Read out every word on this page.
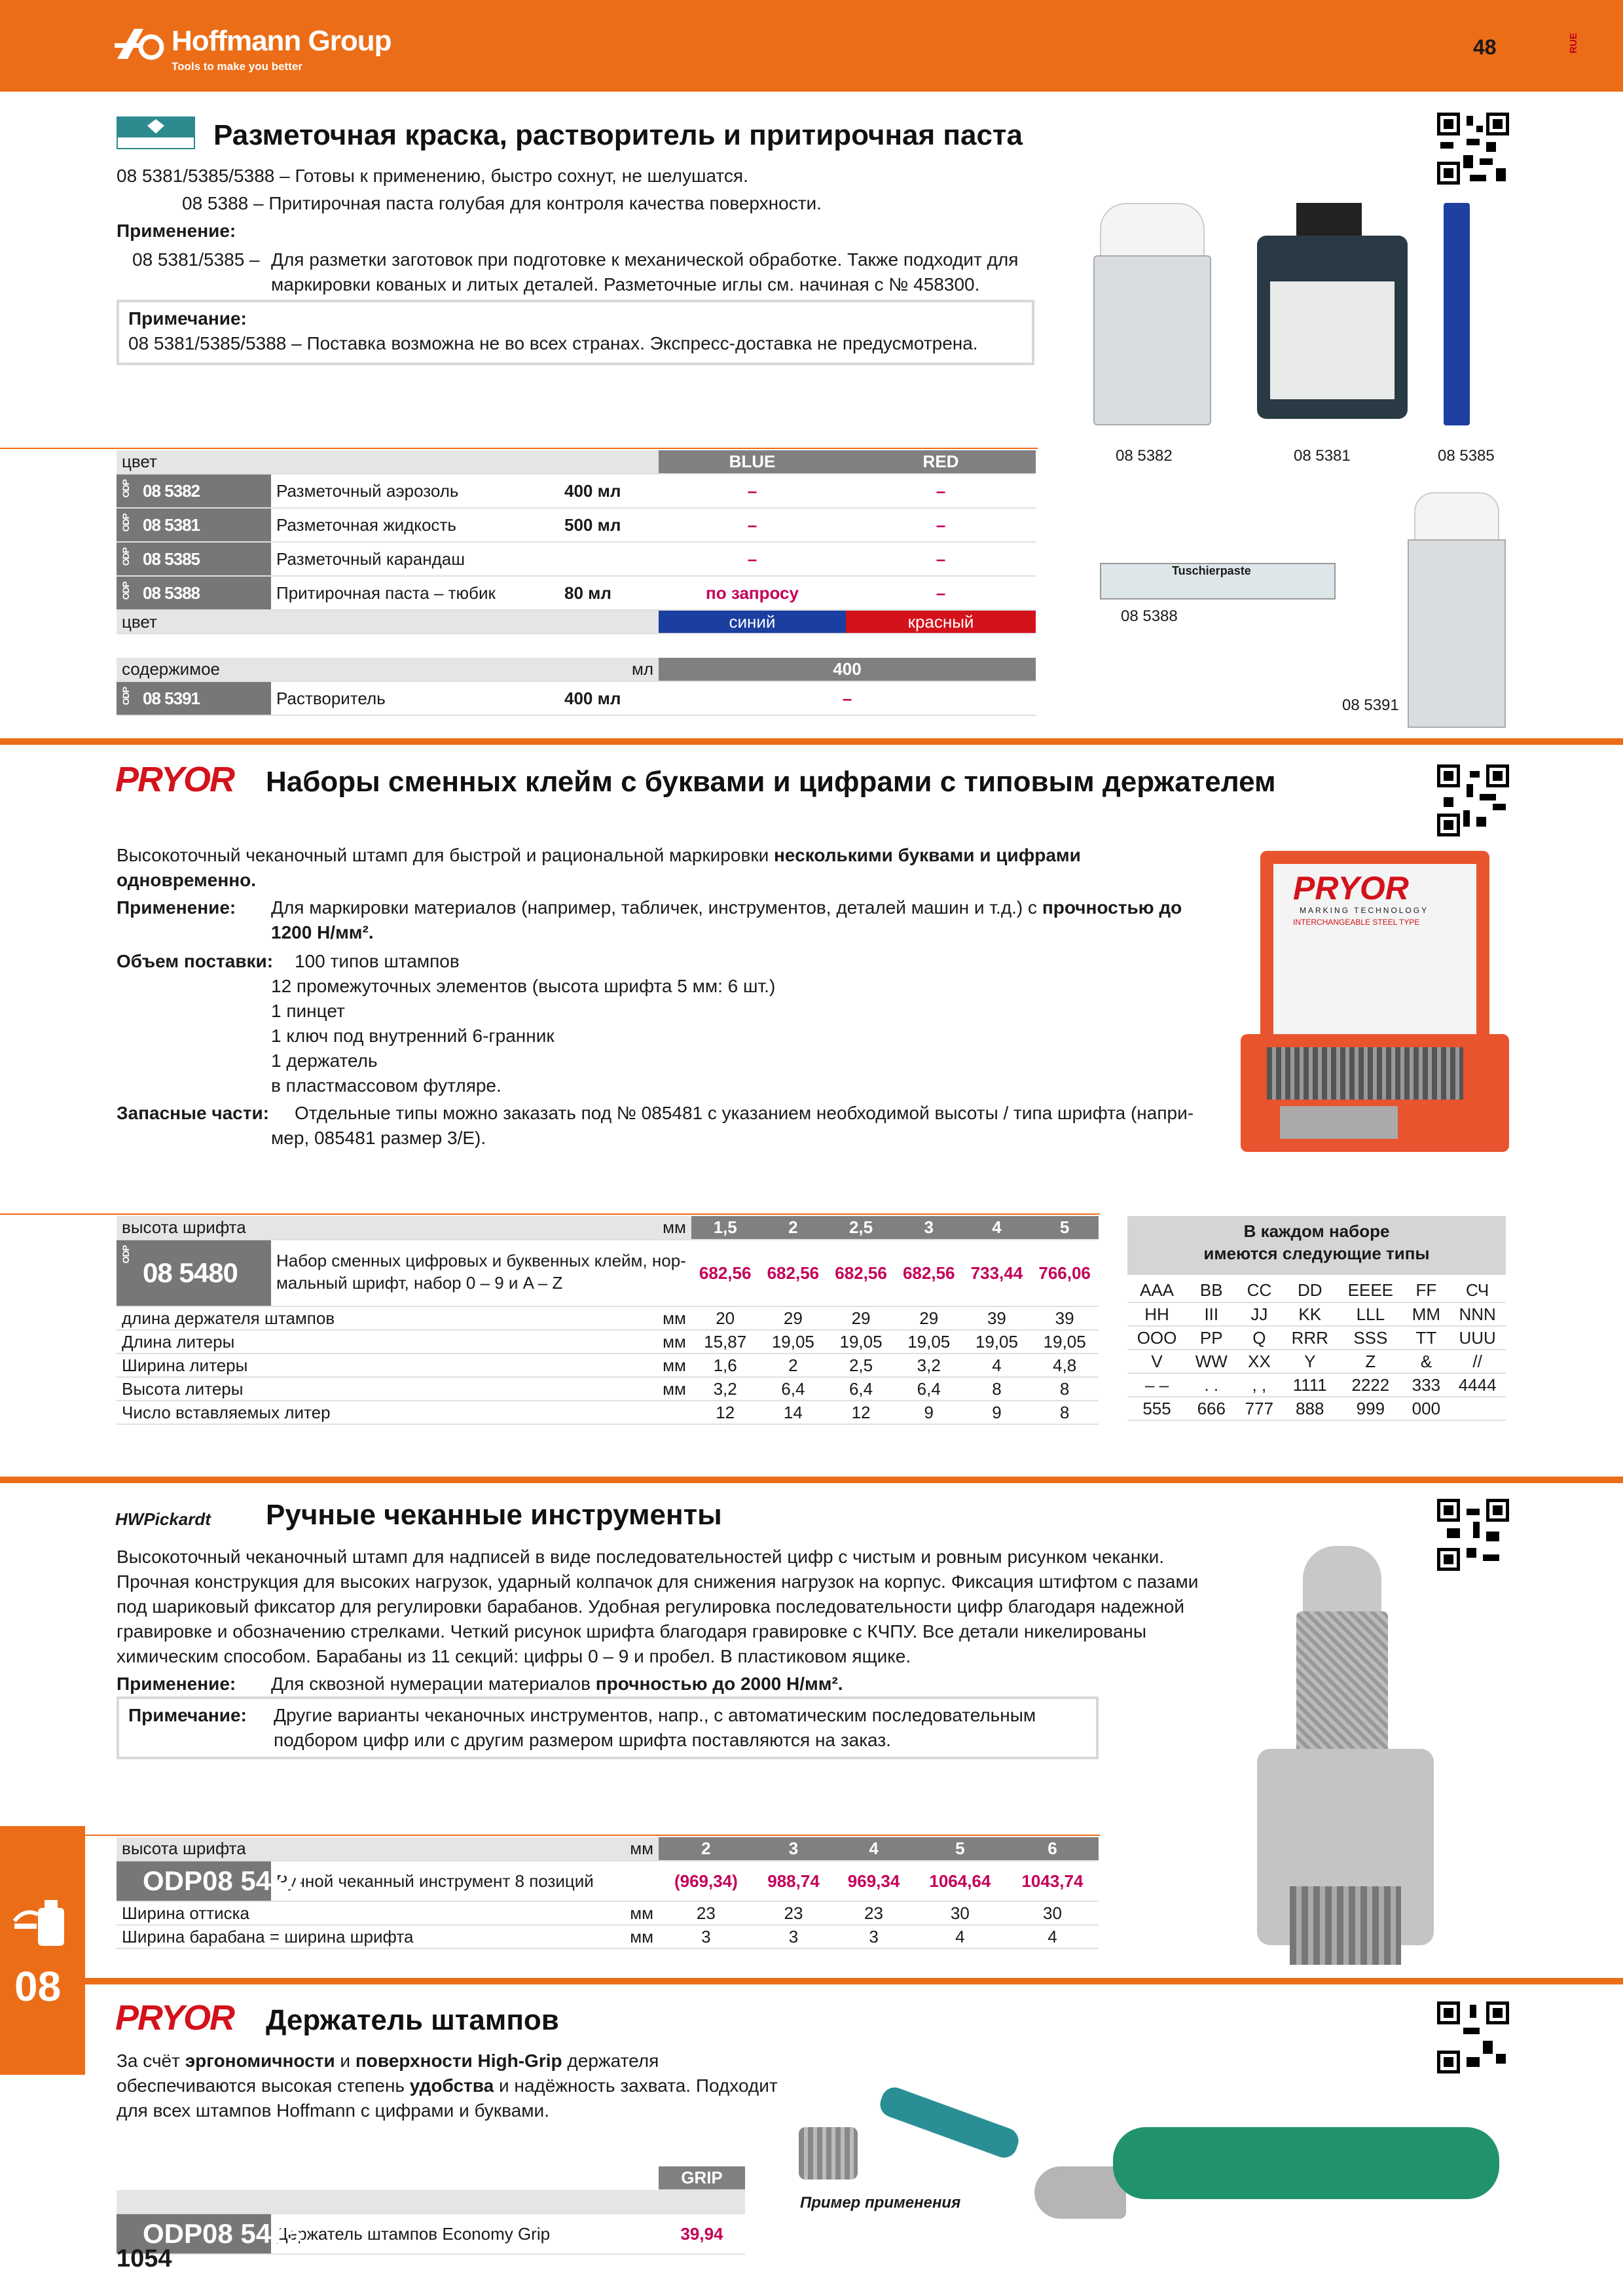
Hoffmann Group
Tools to make you better
48	RUE
Разметочная краска, растворитель и притирочная паста
08 5381/5385/5388 – Готовы к применению, быстро сохнут, не шелушатся.
08 5388 – Притирочная паста голубая для контроля качества поверхности.
Применение:
08 5381/5385 – Для разметки заготовок при подготовке к механической обработке. Также подходит для
маркировки кованых и литых деталей. Разметочные иглы см. начиная с № 458300.
Примечание:
08 5381/5385/5388 – Поставка возможна не во всех странах. Экспресс-доставка не предусмотрена.
цвет			BLUE	RED

ODP 08 5382	Разметочный аэрозоль	400 мл	–	–

ODP 08 5381	Разметочная жидкость	500 мл	–	–

ODP 08 5385	Разметочный карандаш		–	–

ODP 08 5388	Притирочная паста – тюбик	80 мл	по запросу	–
цвет			синий	красный
содержимое		мл	400

ODP 08 5391	Растворитель	400 мл	–
08 5382	08 5381	08 5385
Tuschierpaste
08 5388
08 5391
PRYOR Наборы сменных клейм с буквами и цифрами с типовым держателем
Высокоточный чеканочный штамп для быстрой и рациональной маркировки несколькими буквами и цифрами
одновременно.
Применение: Для маркировки материалов (например, табличек, инструментов, деталей машин и т.д.) с прочностью до
1200 Н/мм².
Объем поставки: 100 типов штампов
12 промежуточных элементов (высота шрифта 5 мм: 6 шт.)
1 пинцет
1 ключ под внутренний 6-гранник
1 держатель
в пластмассовом футляре.
Запасные части: Отдельные типы можно заказать под № 085481 с указанием необходимой высоты / типа шрифта (напри-
мер, 085481 размер 3/E).
PRYOR
MARKING TECHNOLOGY
INTERCHANGEABLE STEEL TYPE
высота шрифта	мм	1,5	2	2,5	3	4	5

ODP
08 5480 Набор сменных цифровых и буквенных клейм, нор-
мальный шрифт, набор 0 – 9 и A – Z		682,56	682,56	682,56	682,56	733,44	766,06
длина держателя штампов	мм	20	29	29	29	39	39
Длина литеры	мм	15,87	19,05	19,05	19,05	19,05	19,05
Ширина литеры	мм	1,6	2	2,5	3,2	4	4,8
Высота литеры	мм	3,2	6,4	6,4	6,4	8	8
Число вставляемых литер		12	14	12	9	9	8
В каждом наборе
имеются следующие типы
AAA	BB	CC	DD	EEEE	FF	СЧ
HH	III	JJ	KK	LLL	MM	NNN
OOO	PP	Q	RRR	SSS	TT	UUU
V	WW	XX	Y	Z	&	//
– –	. .	, ,	1111	2222	333	4444
555	666	777	888	999	000	
HWPickardt Ручные чеканные инструменты
Высокоточный чеканочный штамп для надписей в виде последовательностей цифр с чистым и ровным рисунком чеканки.
Прочная конструкция для высоких нагрузок, ударный колпачок для снижения нагрузок на корпус. Фиксация штифтом с пазами
под шариковый фиксатор для регулировки барабанов. Удобная регулировка последовательности цифр благодаря надежной
гравировке и обозначению стрелками. Четкий рисунок шрифта благодаря гравировке с КЧПУ. Все детали никелированы
химическим способом. Барабаны из 11 секций: цифры 0 – 9 и пробел. В пластиковом ящике.
Применение: Для сквозной нумерации материалов прочностью до 2000 Н/мм².
Примечание: Другие варианты чеканочных инструментов, напр., с автоматическим последовательным
подбором цифр или с другим размером шрифта поставляются на заказ.
высота шрифта	мм	2	3	4	5	6

ODP 08 5470
Ручной чеканный инструмент 8 позиций		(969,34)	988,74	969,34	1064,64	1043,74
Ширина оттиска	мм	23	23	23	30	30
Ширина барабана = ширина шрифта	мм	3	3	3	4	4
PRYOR Держатель штампов
За счёт эргономичности и поверхности High-Grip держателя
обеспечиваются высокая степень удобства и надёжность захвата. Подходит
для всех штампов Hoffmann с цифрами и буквами.
Пример применения
	GRIP

ODP 08 5475
Держатель штампов Economy Grip	39,94
08
1054
